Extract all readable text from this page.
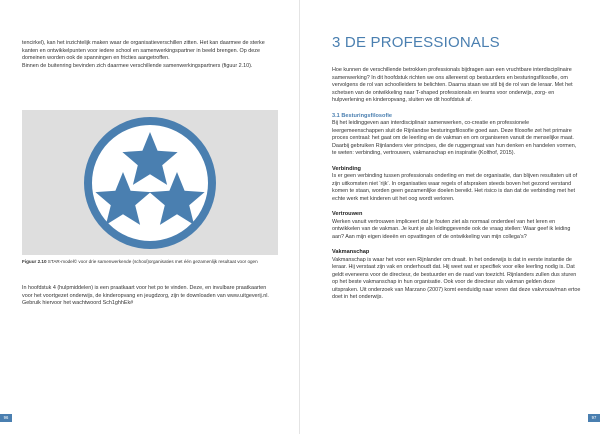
tencirkel), kan het inzichtelijk maken waar de organisatieverschillen zitten. Het kan daarmee de sterke kanten en ontwikkelpunten voor iedere school en samenwerkingspartner in beeld brengen. Op deze domeinen worden ook de spanningen en fricties aangetroffen.

Binnen de buitenring bevinden zich daarmee verschillende samenwerkingspartners (figuur 2.10).

Figuur 2.10 STAR-model© voor drie samenwerkende (school)organisaties met één gezamenlijk resultaat voor ogen
In hoofdstuk 4 (hulpmiddelen) is een praatkaart voor het po te vinden. Deze, en invulbare praatkaarten voor het voortgezet onderwijs, de kinderopvang en jeugdzorg, zijn te downloaden van www.uitgeverij.nl. Gebruik hiervoor het wachtwoord Sch1ghhEk#
96
3 DE PROFESSIONALS

Hoe kunnen de verschillende betrokken professionals bijdragen aan een vruchtbare interdisciplinaire samenwerking? In dit hoofdstuk richten we ons allereerst op bestuurders en besturingsfilosofie, om vervolgens de rol van schoolleiders te belichten. Daarna staan we stil bij de rol van de leraar. Met het schetsen van de ontwikkeling naar T-shaped professionals en teams voor onderwijs, zorg- en hulpverlening en kinderopvang, sluiten we dit hoofdstuk af.

3.1 Besturingsfilosofie

Bij het leidinggeven aan interdisciplinair samenwerken, co-creatie en professionele leergemeenschappen sluit de Rijnlandse besturingsfilosofie goed aan. Deze filosofie zet het primaire proces centraal: het gaat om de leerling en de vakman en om organiseren vanuit de menselijke maat. Daarbij gebruiken Rijnlanders vier principes, die de ruggengraat van hun denken en handelen vormen, te weten: verbinding, vertrouwen, vakmanschap en inspiratie (Kolthof, 2015).

Verbinding

Is er geen verbinding tussen professionals onderling en met de organisatie, dan blijven resultaten uit of zijn uitkomsten niet ‘rijk’. In organisaties waar regels of afspraken steeds boven het gezond verstand komen te staan, worden geen gezamenlijke doelen bereikt. Het risico is dan dat de verbinding met het echte werk met kinderen uit het oog wordt verloren.

Vertrouwen

Werken vanuit vertrouwen impliceert dat je fouten ziet als normaal onderdeel van het leren en ontwikkelen van de vakman. Je kunt je als leidinggevende ook de vraag stellen: Waar geef ik leiding aan? Aan mijn eigen ideeën en opvattingen of de ontwikkeling van mijn collega’s?

Vakmanschap

Vakmanschap is waar het voor een Rijnlander om draait. In het onderwijs is dat in eerste instantie de leraar. Hij verstaat zijn vak en onderhoudt dat. Hij weet wat er specifiek voor elke leerling nodig is. Dat geldt eveneens voor de directeur, de bestuurder en de raad van toezicht. Rijnlanders zullen dus sturen op het beste vakmanschap in hun organisatie. Ook voor de directeur als vakman gelden deze uitspraken. Uit onderzoek van Marzano (2007) komt eenduidig naar voren dat deze vakvrouw/man ertoe doet in het onderwijs.

97
